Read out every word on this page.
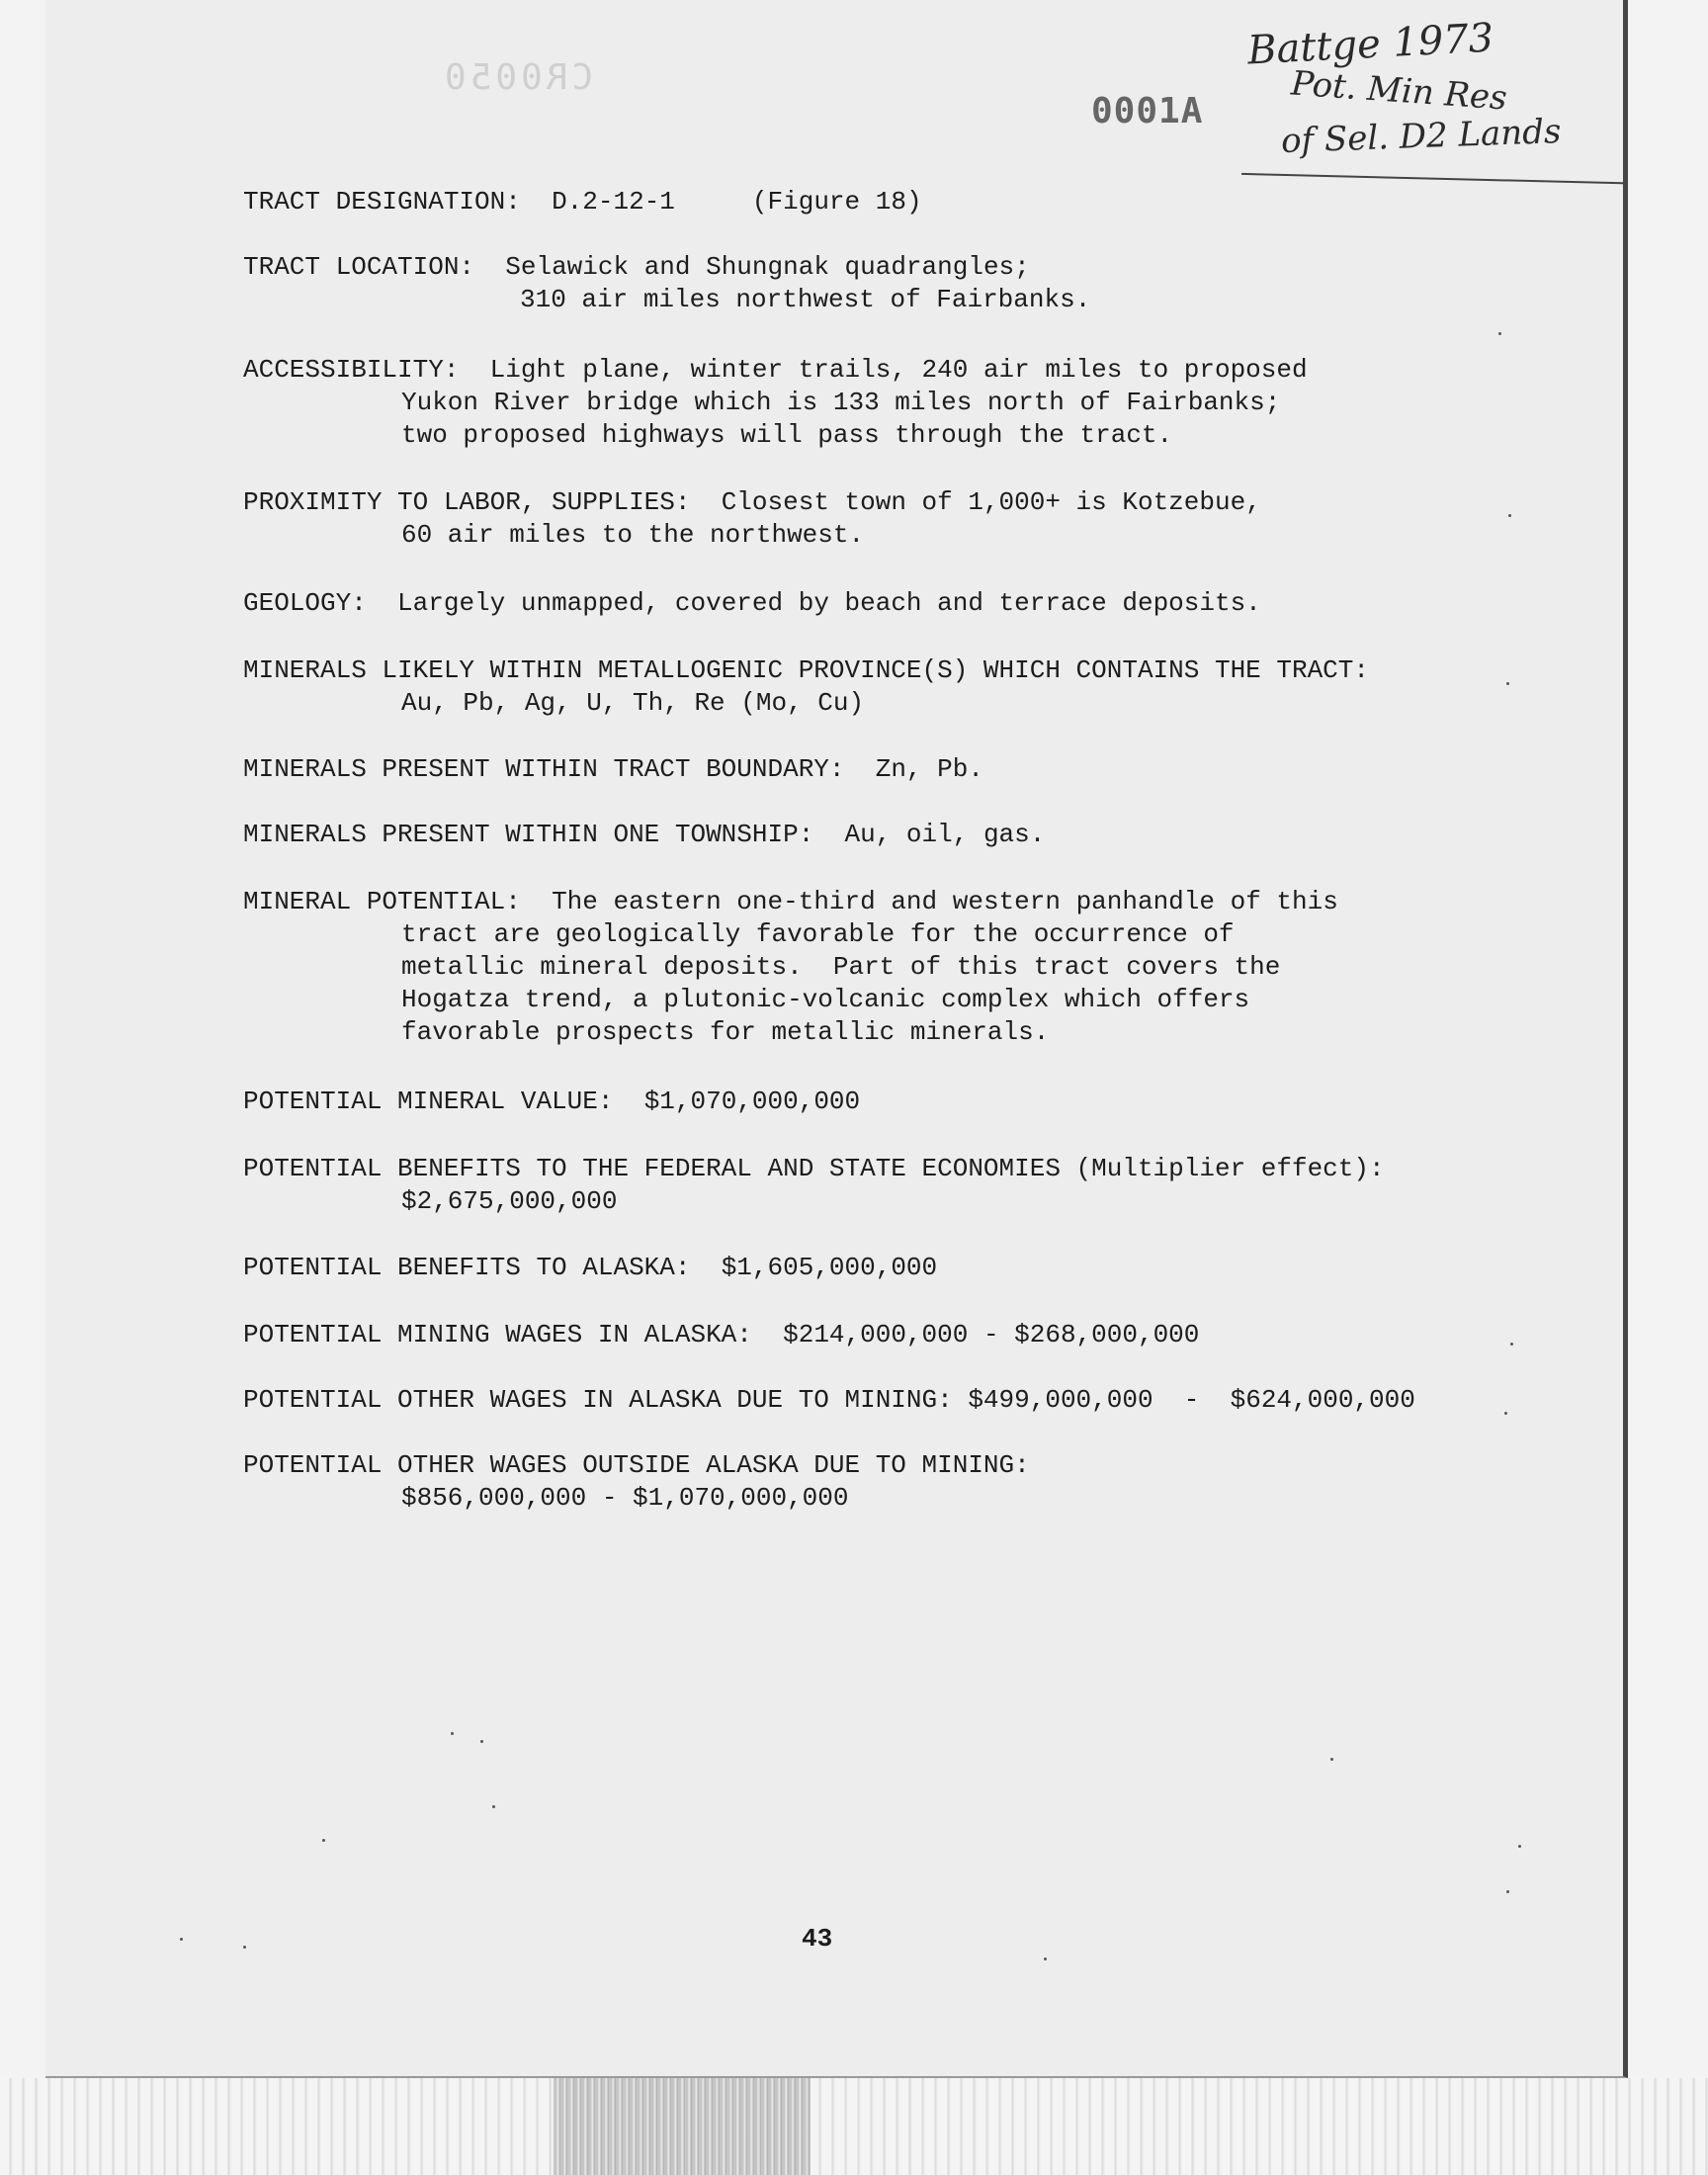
CR0050
0001A
Battge 1973
Pot. Min Res
of Sel. D2 Lands
TRACT DESIGNATION: D.2-12-1	(Figure 18)
TRACT LOCATION: Selawick and Shungnak quadrangles;
310 air miles northwest of Fairbanks.
ACCESSIBILITY: Light plane, winter trails, 240 air miles to proposed

Yukon River bridge which is 133 miles north of Fairbanks;
two proposed highways will pass through the tract.
PROXIMITY TO LABOR, SUPPLIES: Closest town of 1,000+ is Kotzebue,

60 air miles to the northwest.
GEOLOGY: Largely unmapped, covered by beach and terrace deposits.
MINERALS LIKELY WITHIN METALLOGENIC PROVINCE(S) WHICH CONTAINS THE TRACT:

Au, Pb, Ag, U, Th, Re (Mo, Cu)
MINERALS PRESENT WITHIN TRACT BOUNDARY: Zn, Pb.
MINERALS PRESENT WITHIN ONE TOWNSHIP: Au, oil, gas.
MINERAL POTENTIAL: The eastern one-third and western panhandle of this

tract are geologically favorable for the occurrence of
metallic mineral deposits.  Part of this tract covers the
Hogatza trend, a plutonic-volcanic complex which offers
favorable prospects for metallic minerals.
POTENTIAL MINERAL VALUE: $1,070,000,000
POTENTIAL BENEFITS TO THE FEDERAL AND STATE ECONOMIES (Multiplier effect):

$2,675,000,000
POTENTIAL BENEFITS TO ALASKA: $1,605,000,000
POTENTIAL MINING WAGES IN ALASKA: $214,000,000 - $268,000,000
POTENTIAL OTHER WAGES IN ALASKA DUE TO MINING: $499,000,000 - $624,000,000
POTENTIAL OTHER WAGES OUTSIDE ALASKA DUE TO MINING:

$856,000,000 - $1,070,000,000
43
